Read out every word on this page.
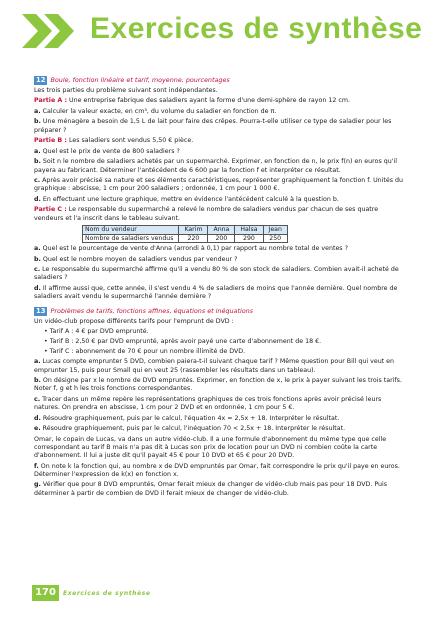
Exercices de synthèse
12 Boule, fonction linéaire et tarif, moyenne, pourcentages

Les trois parties du problème suivant sont indépendantes.

Partie A : Une entreprise fabrique des saladiers ayant la forme d'une demi-sphère de rayon 12 cm.

a. Calculer la valeur exacte, en cm³, du volume du saladier en fonction de π.

b. Une ménagère a besoin de 1,5 L de lait pour faire des crêpes. Pourra-t-elle utiliser ce type de saladier pour les préparer ?

Partie B : Les saladiers sont vendus 5,50 € pièce.

a. Quel est le prix de vente de 800 saladiers ?

b. Soit n le nombre de saladiers achetés par un supermarché. Exprimer, en fonction de n, le prix f(n) en euros qu'il payera au fabricant. Déterminer l'antécédent de 6 600 par la fonction f et interpréter ce résultat.

c. Après avoir précisé sa nature et ses éléments caractéristiques, représenter graphiquement la fonction f. Unités du graphique : abscisse, 1 cm pour 200 saladiers ; ordonnée, 1 cm pour 1 000 €.

d. En effectuant une lecture graphique, mettre en évidence l'antécédent calculé à la question b.

Partie C : Le responsable du supermarché a relevé le nombre de saladiers vendus par chacun de ses quatre vendeurs et l'a inscrit dans le tableau suivant.

Nom du vendeur	Karim	Anna	Halsa	Jean
Nombre de saladiers vendus	220	200	290	250

a. Quel est le pourcentage de vente d'Anna (arrondi à 0,1) par rapport au nombre total de ventes ?

b. Quel est le nombre moyen de saladiers vendus par vendeur ?

c. Le responsable du supermarché affirme qu'il a vendu 80 % de son stock de saladiers. Combien avait-il acheté de saladiers ?

d. Il affirme aussi que, cette année, il s'est vendu 4 % de saladiers de moins que l'année dernière. Quel nombre de saladiers avait vendu le supermarché l'année dernière ?

13 Problèmes de tarifs, fonctions affines, équations et inéquations

Un vidéo-club propose différents tarifs pour l'emprunt de DVD :

• Tarif A : 4 € par DVD emprunté.
• Tarif B : 2,50 € par DVD emprunté, après avoir payé une carte d'abonnement de 18 €.
• Tarif C : abonnement de 70 € pour un nombre illimité de DVD.

a. Lucas compte emprunter 5 DVD, combien paiera-t-il suivant chaque tarif ? Même question pour Bill qui veut en emprunter 15, puis pour Small qui en veut 25 (rassembler les résultats dans un tableau).

b. On désigne par x le nombre de DVD empruntés. Exprimer, en fonction de x, le prix à payer suivant les trois tarifs. Noter f, g et h les trois fonctions correspondantes.

c. Tracer dans un même repère les représentations graphiques de ces trois fonctions après avoir précisé leurs natures. On prendra en abscisse, 1 cm pour 2 DVD et en ordonnée, 1 cm pour 5 €.

d. Résoudre graphiquement, puis par le calcul, l'équation 4x = 2,5x + 18. Interpréter le résultat.

e. Résoudre graphiquement, puis par le calcul, l'inéquation 70 < 2,5x + 18. Interpréter le résultat.

Omar, le copain de Lucas, va dans un autre vidéo-club. Il a une formule d'abonnement du même type que celle correspondant au tarif B mais n'a pas dit à Lucas son prix de location pour un DVD ni combien coûte la carte d'abonnement. Il lui a juste dit qu'il payait 45 € pour 10 DVD et 65 € pour 20 DVD.

f. On note k la fonction qui, au nombre x de DVD empruntés par Omar, fait correspondre le prix qu'il paye en euros. Déterminer l'expression de k(x) en fonction x.

g. Vérifier que pour 8 DVD empruntés, Omar ferait mieux de changer de vidéo-club mais pas pour 18 DVD. Puis déterminer à partir de combien de DVD il ferait mieux de changer de vidéo-club.

170	Exercices de synthèse
